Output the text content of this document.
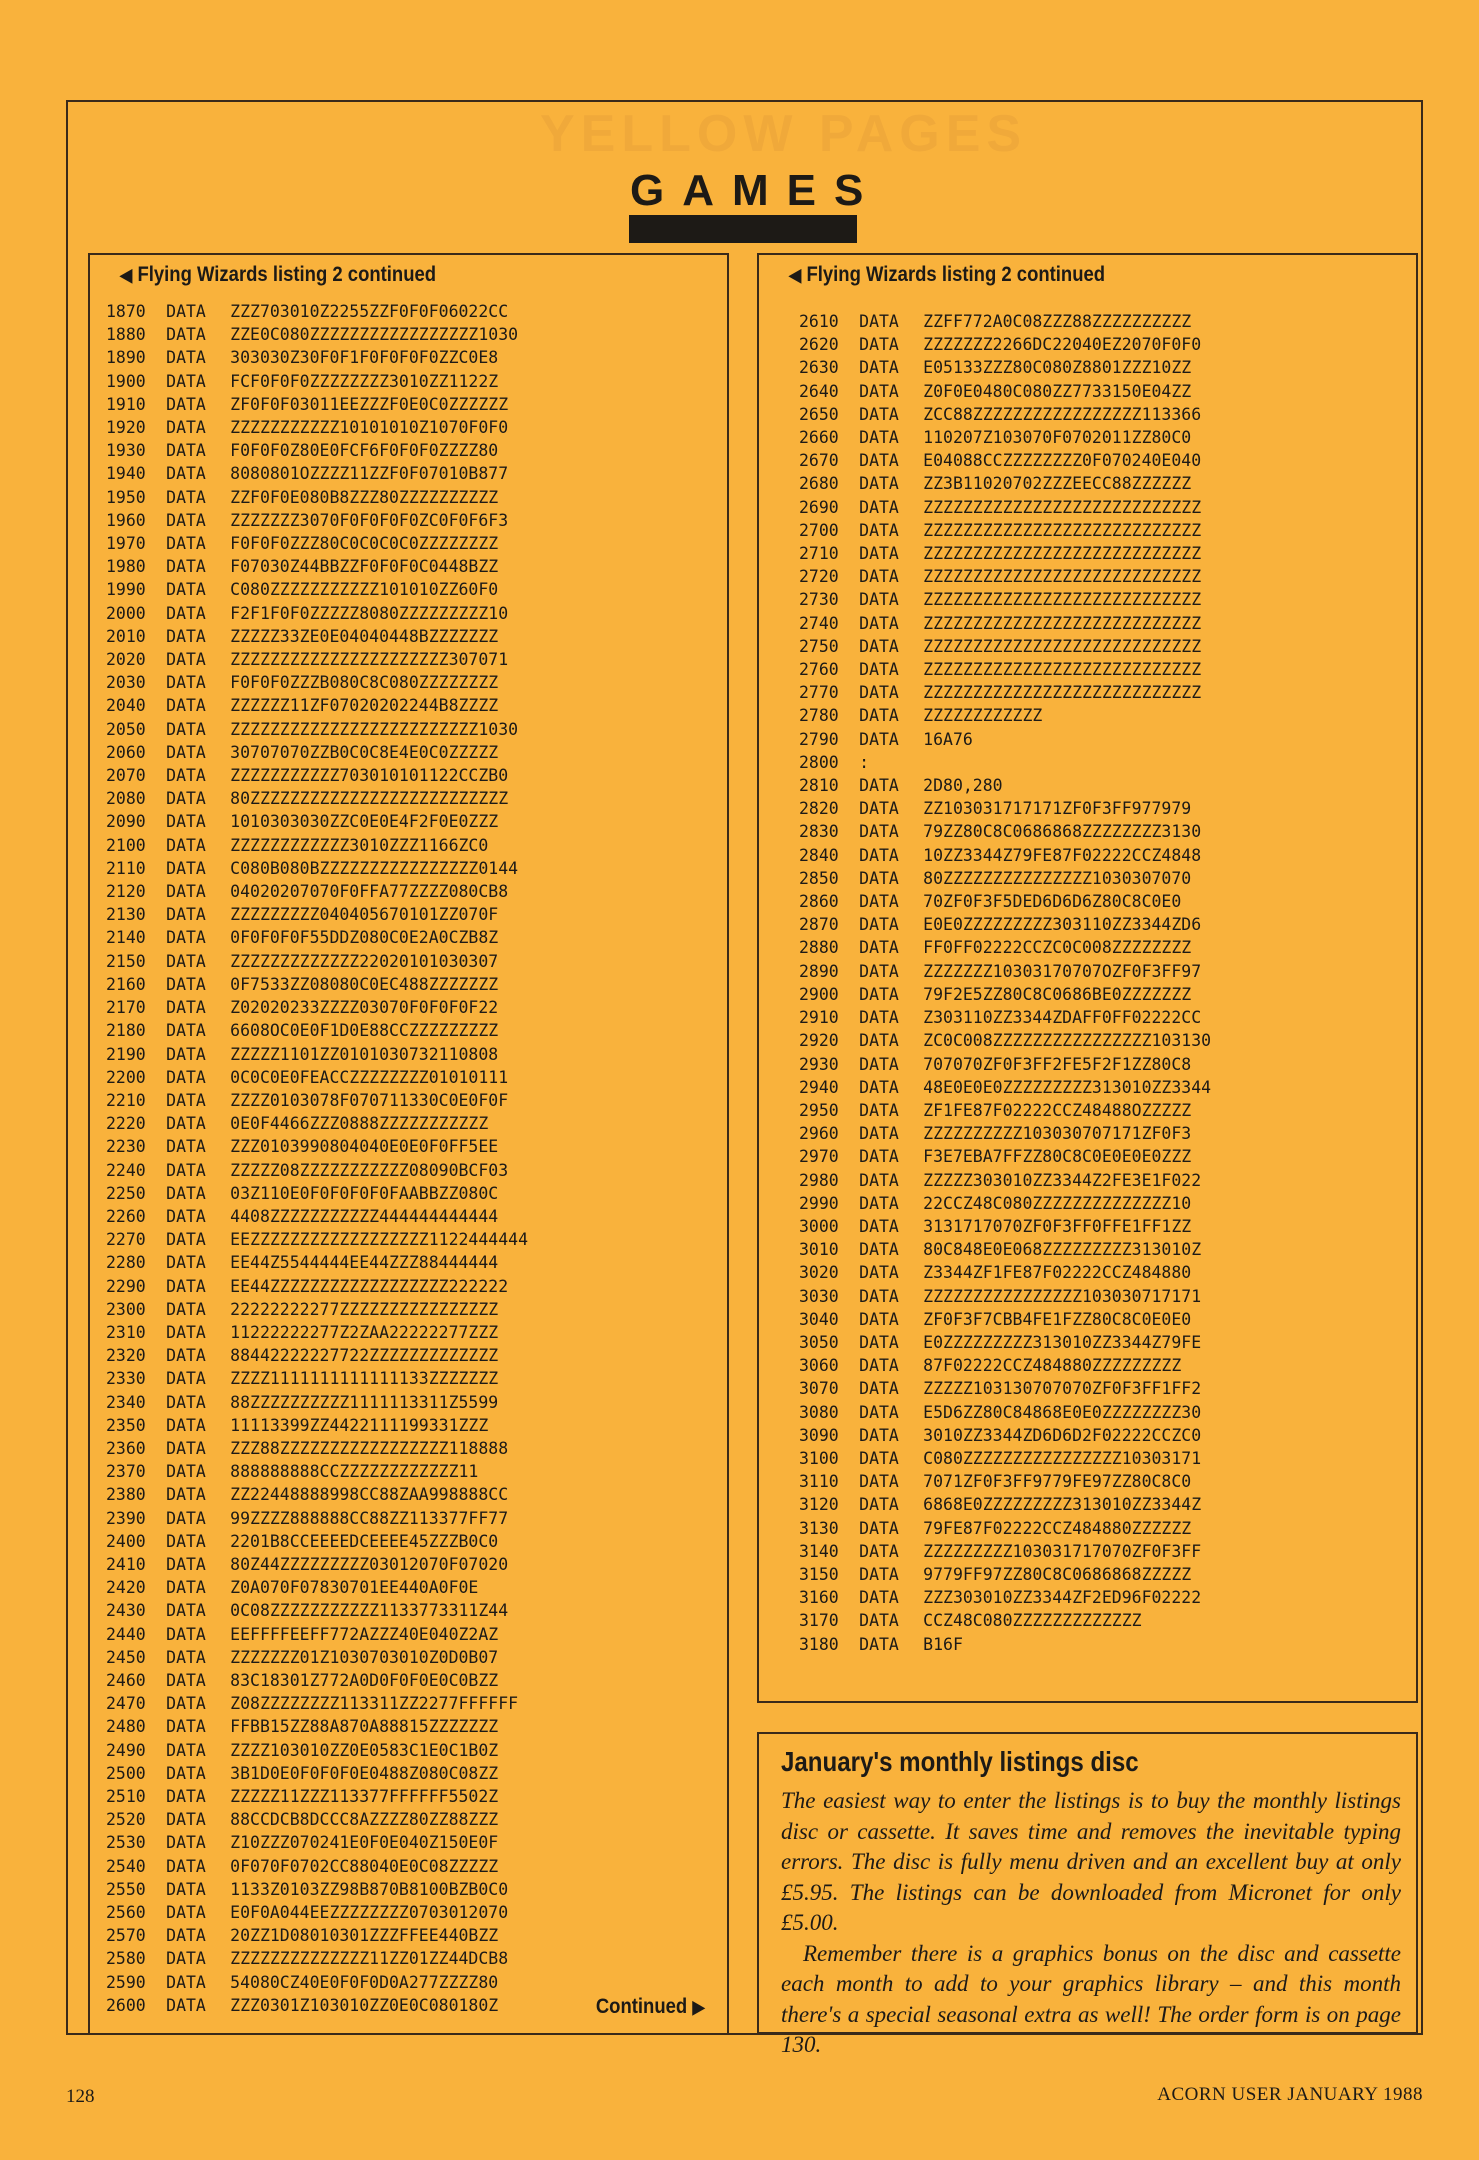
YELLOW PAGES
GAMES
◀ Flying Wizards listing 2 continued
1870 DATA ZZZ703010Z2255ZZF0F0F06022CC
1880 DATA ZZE0C080ZZZZZZZZZZZZZZZZZ1030
1890 DATA 303030Z30F0F1F0F0F0F0ZZC0E8
1900 DATA FCF0F0F0ZZZZZZZZ3010ZZ1122Z
1910 DATA ZF0F0F03011EEZZZF0E0C0ZZZZZZ
1920 DATA ZZZZZZZZZZZ10101010Z1070F0F0
1930 DATA F0F0F0Z80E0FCF6F0F0F0ZZZZ80
1940 DATA 8080801OZZZZ11ZZF0F07010B877
1950 DATA ZZF0F0E080B8ZZZ80ZZZZZZZZZZ
1960 DATA ZZZZZZZ3070F0F0F0F0ZC0F0F6F3
1970 DATA F0F0F0ZZZ80C0C0C0C0ZZZZZZZZ
1980 DATA F07030Z44BBZZF0F0F0C0448BZZ
1990 DATA C080ZZZZZZZZZZZ101010ZZ60F0
2000 DATA F2F1F0F0ZZZZZ8080ZZZZZZZZZ10
2010 DATA ZZZZZ33ZE0E04040448BZZZZZZZ
2020 DATA ZZZZZZZZZZZZZZZZZZZZZZ307071
2030 DATA F0F0F0ZZZB080C8C080ZZZZZZZZ
2040 DATA ZZZZZZ11ZF07020202244B8ZZZZ
2050 DATA ZZZZZZZZZZZZZZZZZZZZZZZZZ1030
2060 DATA 30707070ZZB0C0C8E4E0C0ZZZZZ
2070 DATA ZZZZZZZZZZZ703010101122CCZB0
2080 DATA 80ZZZZZZZZZZZZZZZZZZZZZZZZZZ
2090 DATA 1010303030ZZC0E0E4F2F0E0ZZZ
2100 DATA ZZZZZZZZZZZZ3010ZZZ1166ZC0
2110 DATA C080B080BZZZZZZZZZZZZZZZZ0144
2120 DATA 04020207070F0FFA77ZZZZ080CB8
2130 DATA ZZZZZZZZZ040405670101ZZ070F
2140 DATA 0F0F0F0F55DDZ080C0E2A0CZB8Z
2150 DATA ZZZZZZZZZZZZZ22020101030307
2160 DATA 0F7533ZZ08080C0EC488ZZZZZZZ
2170 DATA Z02020233ZZZZ03070F0F0F0F22
2180 DATA 6608OC0E0F1D0E88CCZZZZZZZZZ
2190 DATA ZZZZZ1101ZZ0101030732110808
2200 DATA 0C0C0E0FEACCZZZZZZZZ01010111
2210 DATA ZZZZ0103078F070711330C0E0F0F
2220 DATA 0E0F4466ZZZ0888ZZZZZZZZZZZ
2230 DATA ZZZ0103990804040E0E0F0FF5EE
2240 DATA ZZZZZ08ZZZZZZZZZZZ08090BCF03
2250 DATA 03Z110E0F0F0F0F0FAABBZZ080C
2260 DATA 4408ZZZZZZZZZZZ444444444444
2270 DATA EEZZZZZZZZZZZZZZZZZZ1122444444
2280 DATA EE44Z5544444EE44ZZZ88444444
2290 DATA EE44ZZZZZZZZZZZZZZZZZZ222222
2300 DATA 22222222277ZZZZZZZZZZZZZZZZ
2310 DATA 11222222277Z2ZAA22222277ZZZ
2320 DATA 88442222227722ZZZZZZZZZZZZZ
2330 DATA ZZZZ1111111111111133ZZZZZZZ
2340 DATA 88ZZZZZZZZZZ1111113311Z5599
2350 DATA 11113399ZZ4422111199331ZZZ
2360 DATA ZZZ88ZZZZZZZZZZZZZZZZZ118888
2370 DATA 888888888CCZZZZZZZZZZZZ11
2380 DATA ZZ22448888998CC88ZAA998888CC
2390 DATA 99ZZZZ888888CC88ZZ113377FF77
2400 DATA 2201B8CCEEEEDCEEEE45ZZZB0C0
2410 DATA 80Z44ZZZZZZZZZ03012070F07020
2420 DATA Z0A070F07830701EE440A0F0E
2430 DATA 0C08ZZZZZZZZZZZ1133773311Z44
2440 DATA EEFFFFEEFF772AZZZ40E040Z2AZ
2450 DATA ZZZZZZZ01Z1030703010Z0D0B07
2460 DATA 83C18301Z772A0D0F0F0E0C0BZZ
2470 DATA Z08ZZZZZZZZ113311ZZ2277FFFFFF
2480 DATA FFBB15ZZ88A870A88815ZZZZZZZ
2490 DATA ZZZZ103010ZZ0E0583C1E0C1B0Z
2500 DATA 3B1D0E0F0F0F0E0488Z080C08ZZ
2510 DATA ZZZZZ11ZZZ113377FFFFFF5502Z
2520 DATA 88CCDCB8DCCC8AZZZZ80ZZ88ZZZ
2530 DATA Z10ZZZ070241E0F0E040Z150E0F
2540 DATA 0F070F0702CC88040E0C08ZZZZZ
2550 DATA 1133Z0103ZZ98B870B8100BZB0C0
2560 DATA E0F0A044EEZZZZZZZZ0703012070
2570 DATA 20ZZ1D08010301ZZZFFEE440BZZ
2580 DATA ZZZZZZZZZZZZZZ11ZZ01ZZ44DCB8
2590 DATA 54080CZ40E0F0F0D0A277ZZZZ80
2600 DATA ZZZ0301Z103010ZZ0E0C080180Z	Continued ▶
◀ Flying Wizards listing 2 continued
2610 DATA ZZFF772A0C08ZZZ88ZZZZZZZZZZ
2620 DATA ZZZZZZZ2266DC22040EZ2070F0F0
2630 DATA E05133ZZZ80C080Z8801ZZZ10ZZ
2640 DATA Z0F0E0480C080ZZ7733150E04ZZ
2650 DATA ZCC88ZZZZZZZZZZZZZZZZZ113366
2660 DATA 110207Z103070F0702011ZZ80C0
2670 DATA E04088CCZZZZZZZZ0F070240E040
2680 DATA ZZ3B11020702ZZZEECC88ZZZZZZ
2690 DATA ZZZZZZZZZZZZZZZZZZZZZZZZZZZZ
2700 DATA ZZZZZZZZZZZZZZZZZZZZZZZZZZZZ
2710 DATA ZZZZZZZZZZZZZZZZZZZZZZZZZZZZ
2720 DATA ZZZZZZZZZZZZZZZZZZZZZZZZZZZZ
2730 DATA ZZZZZZZZZZZZZZZZZZZZZZZZZZZZ
2740 DATA ZZZZZZZZZZZZZZZZZZZZZZZZZZZZ
2750 DATA ZZZZZZZZZZZZZZZZZZZZZZZZZZZZ
2760 DATA ZZZZZZZZZZZZZZZZZZZZZZZZZZZZ
2770 DATA ZZZZZZZZZZZZZZZZZZZZZZZZZZZZ
2780 DATA ZZZZZZZZZZZZ
2790 DATA 16A76
2800 :
2810 DATA 2D80,280
2820 DATA ZZ103031717171ZF0F3FF977979
2830 DATA 79ZZ80C8C0686868ZZZZZZZZ3130
2840 DATA 10ZZ3344Z79FE87F02222CCZ4848
2850 DATA 80ZZZZZZZZZZZZZZZ1030307070
2860 DATA 70ZF0F3F5DED6D6D6Z80C8C0E0
2870 DATA E0E0ZZZZZZZZZ303110ZZ3344ZD6
2880 DATA FF0FF02222CCZC0C008ZZZZZZZZ
2890 DATA ZZZZZZZ10303170707OZF0F3FF97
2900 DATA 79F2E5ZZ80C8C0686BE0ZZZZZZZ
2910 DATA Z303110ZZ3344ZDAFF0FF02222CC
2920 DATA ZC0C008ZZZZZZZZZZZZZZZZ103130
2930 DATA 707070ZF0F3FF2FE5F2F1ZZ80C8
2940 DATA 48E0E0E0ZZZZZZZZZ313010ZZ3344
2950 DATA ZF1FE87F02222CCZ48488OZZZZZ
2960 DATA ZZZZZZZZZZ103030707171ZF0F3
2970 DATA F3E7EBA7FFZZ80C8C0E0E0E0ZZZ
2980 DATA ZZZZZ303010ZZ3344Z2FE3E1F022
2990 DATA 22CCZ48C080ZZZZZZZZZZZZZZ10
3000 DATA 3131717070ZF0F3FF0FFE1FF1ZZ
3010 DATA 80C848E0E068ZZZZZZZZZ313010Z
3020 DATA Z3344ZF1FE87F02222CCZ484880
3030 DATA ZZZZZZZZZZZZZZZZ103030717171
3040 DATA ZF0F3F7CBB4FE1FZZ80C8C0E0E0
3050 DATA E0ZZZZZZZZZ313010ZZ3344Z79FE
3060 DATA 87F02222CCZ484880ZZZZZZZZZ
3070 DATA ZZZZZ103130707070ZF0F3FF1FF2
3080 DATA E5D6ZZ80C84868E0E0ZZZZZZZZ30
3090 DATA 3010ZZ3344ZD6D6D2F02222CCZC0
3100 DATA C080ZZZZZZZZZZZZZZZZ10303171
3110 DATA 7071ZF0F3FF9779FE97ZZ80C8C0
3120 DATA 6868E0ZZZZZZZZZ313010ZZ3344Z
3130 DATA 79FE87F02222CCZ484880ZZZZZZ
3140 DATA ZZZZZZZZZ103031717070ZF0F3FF
3150 DATA 9779FF97ZZ80C8C0686868ZZZZZ
3160 DATA ZZZ303010ZZ3344ZF2ED96F02222
3170 DATA CCZ48C080ZZZZZZZZZZZZZ
3180 DATA B16F
January's monthly listings disc

The easiest way to enter the listings is to buy the monthly listings disc or cassette. It saves time and removes the inevitable typing errors. The disc is fully menu driven and an excellent buy at only £5.95. The listings can be downloaded from Micronet for only £5.00.

Remember there is a graphics bonus on the disc and cassette each month to add to your graphics library – and this month there's a special seasonal extra as well! The order form is on page 130.

128	ACORN USER JANUARY 1988
